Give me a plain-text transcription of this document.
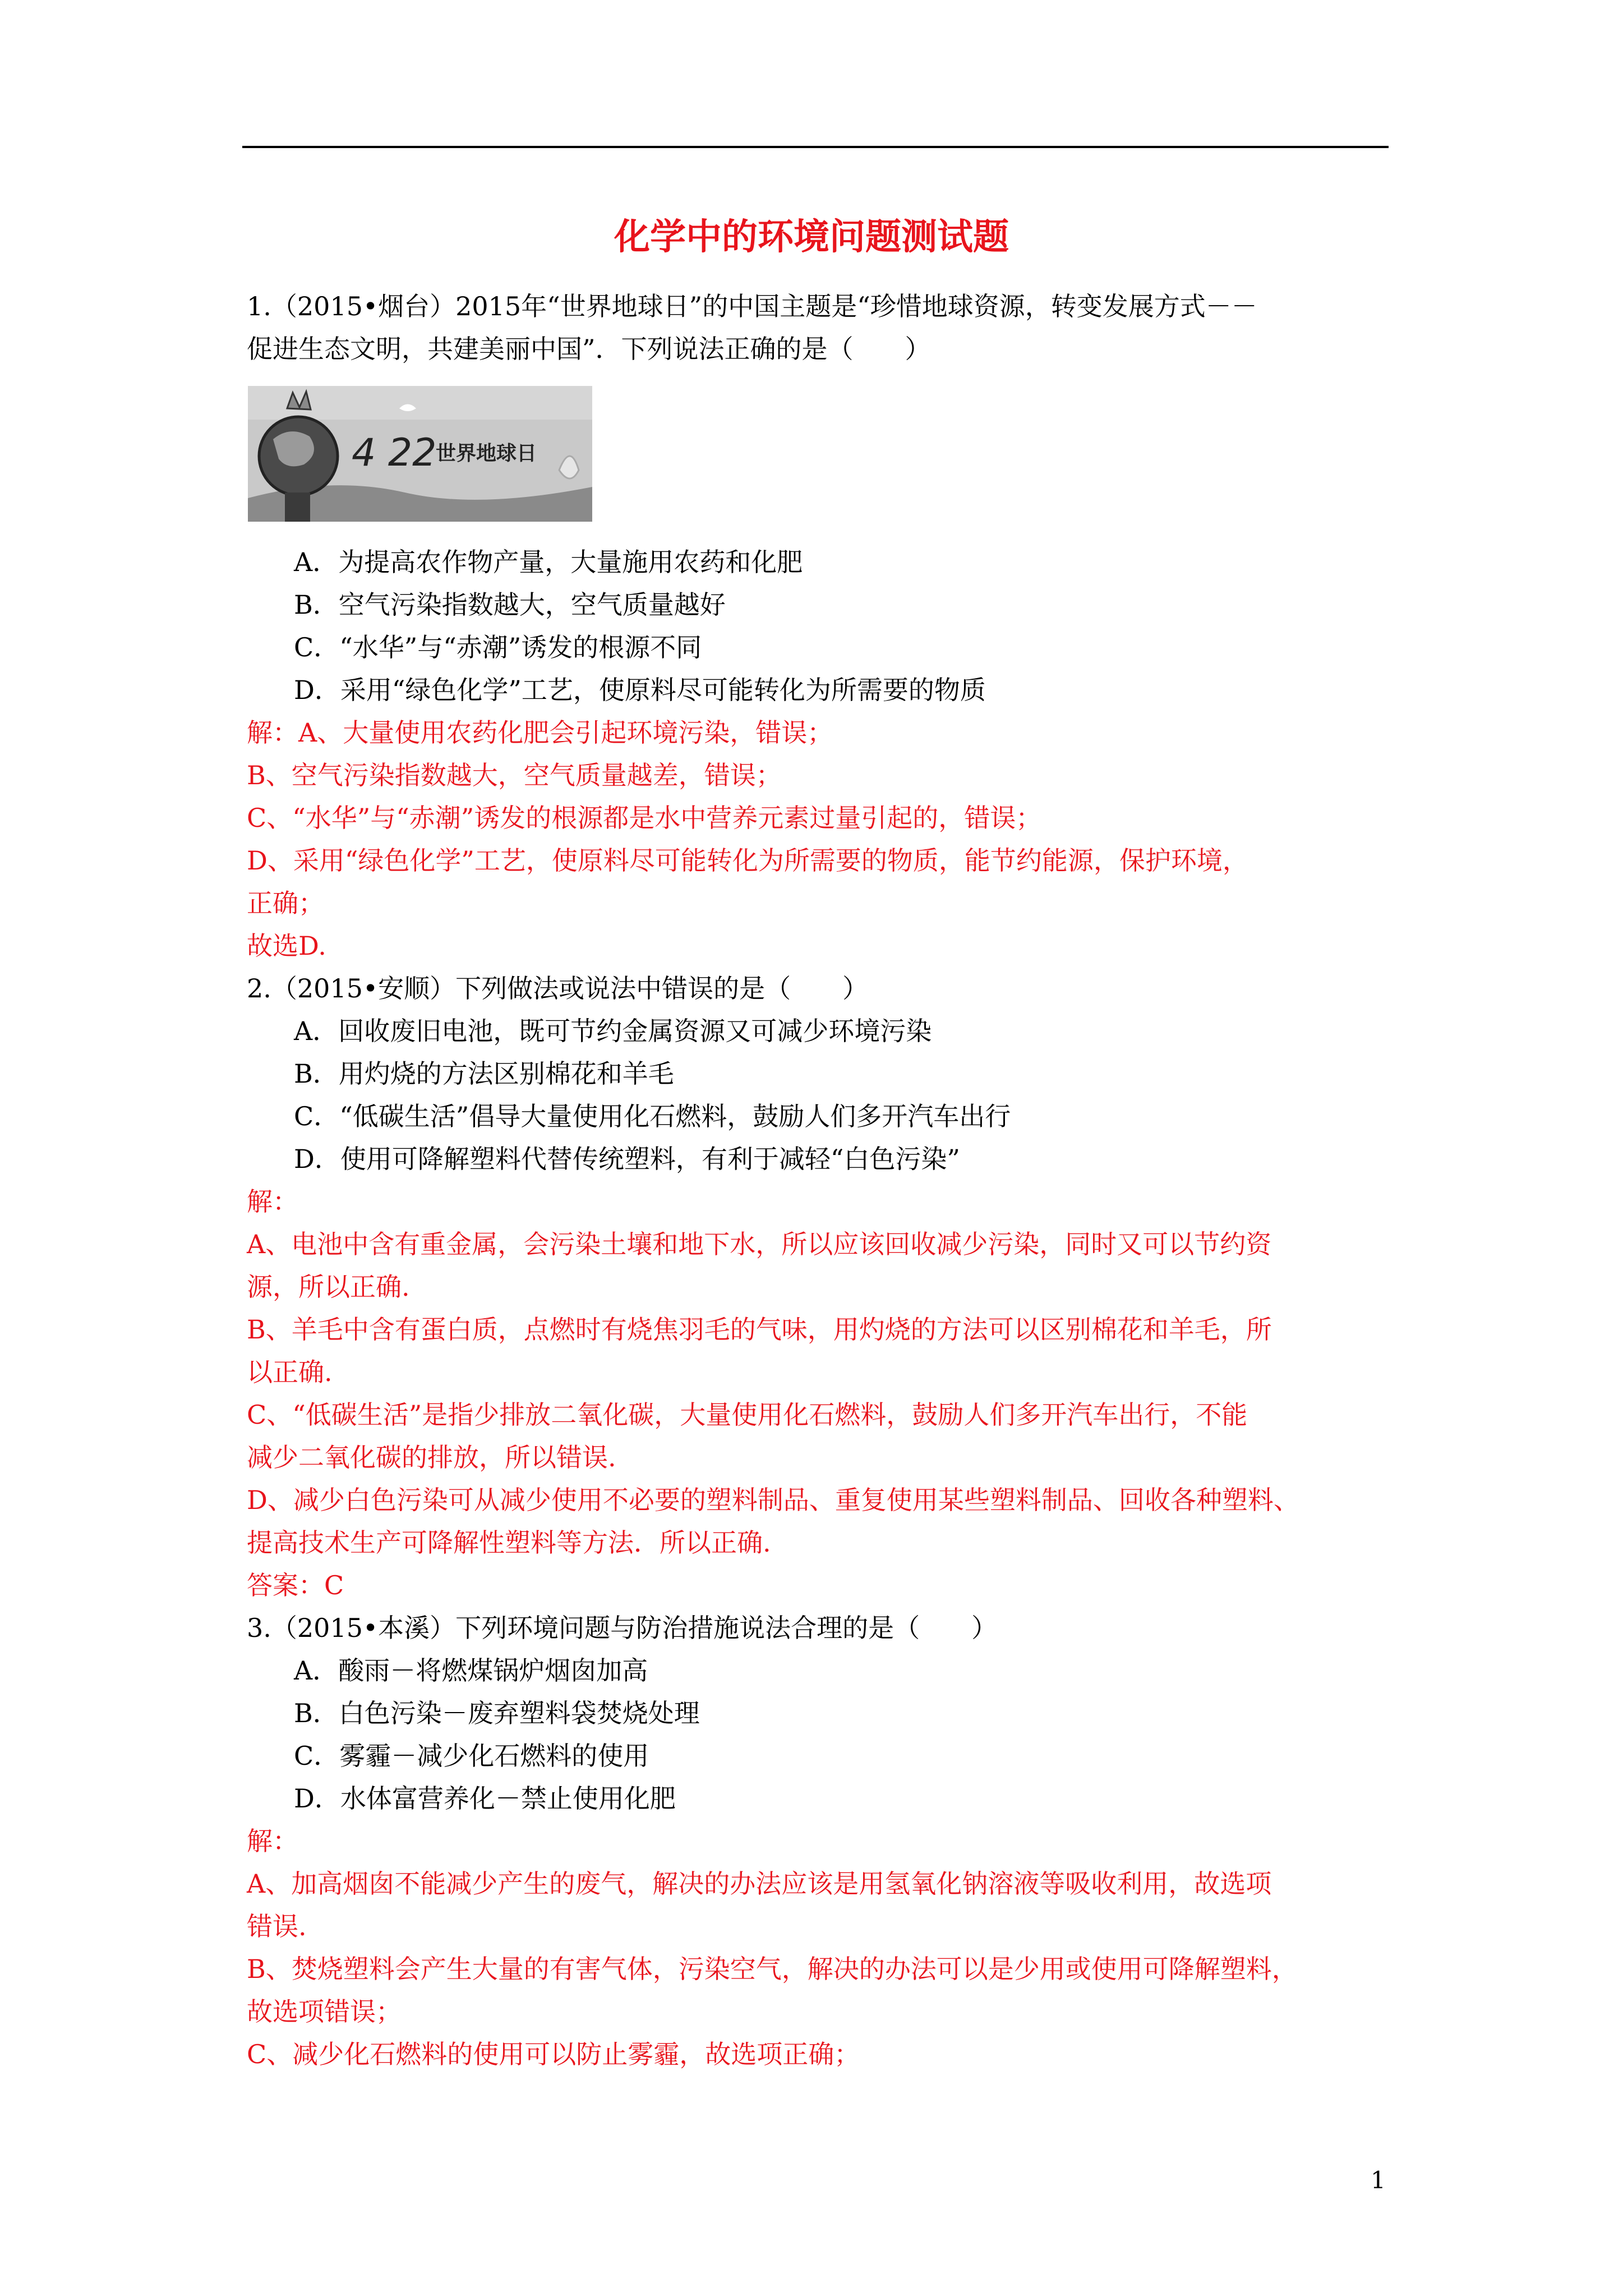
化学中的环境问题测试题
1.（2015•烟台）2015年“世界地球日”的中国主题是“珍惜地球资源，转变发展方式－－
促进生态文明，共建美丽中国”．下列说法正确的是（　　）
4 22
世界地球日
A．为提高农作物产量，大量施用农药和化肥
B．空气污染指数越大，空气质量越好
C．“水华”与“赤潮”诱发的根源不同
D．采用“绿色化学”工艺，使原料尽可能转化为所需要的物质
解：A、大量使用农药化肥会引起环境污染，错误；
B、空气污染指数越大，空气质量越差，错误；
C、“水华”与“赤潮”诱发的根源都是水中营养元素过量引起的，错误；
D、采用“绿色化学”工艺，使原料尽可能转化为所需要的物质，能节约能源，保护环境，
正确；
故选D.
2.（2015•安顺）下列做法或说法中错误的是（　　）
A．回收废旧电池，既可节约金属资源又可减少环境污染
B．用灼烧的方法区别棉花和羊毛
C．“低碳生活”倡导大量使用化石燃料，鼓励人们多开汽车出行
D．使用可降解塑料代替传统塑料，有利于减轻“白色污染”
解：
A、电池中含有重金属，会污染土壤和地下水，所以应该回收减少污染，同时又可以节约资
源，所以正确.
B、羊毛中含有蛋白质，点燃时有烧焦羽毛的气味，用灼烧的方法可以区别棉花和羊毛，所
以正确.
C、“低碳生活”是指少排放二氧化碳，大量使用化石燃料，鼓励人们多开汽车出行，不能
减少二氧化碳的排放，所以错误.
D、减少白色污染可从减少使用不必要的塑料制品、重复使用某些塑料制品、回收各种塑料、
提高技术生产可降解性塑料等方法．所以正确.
答案：C
3.（2015•本溪）下列环境问题与防治措施说法合理的是（　　）
A．酸雨－将燃煤锅炉烟囱加高
B．白色污染－废弃塑料袋焚烧处理
C．雾霾－减少化石燃料的使用
D．水体富营养化－禁止使用化肥
解：
A、加高烟囱不能减少产生的废气，解决的办法应该是用氢氧化钠溶液等吸收利用，故选项
错误.
B、焚烧塑料会产生大量的有害气体，污染空气，解决的办法可以是少用或使用可降解塑料，
故选项错误；
C、减少化石燃料的使用可以防止雾霾，故选项正确；
1
